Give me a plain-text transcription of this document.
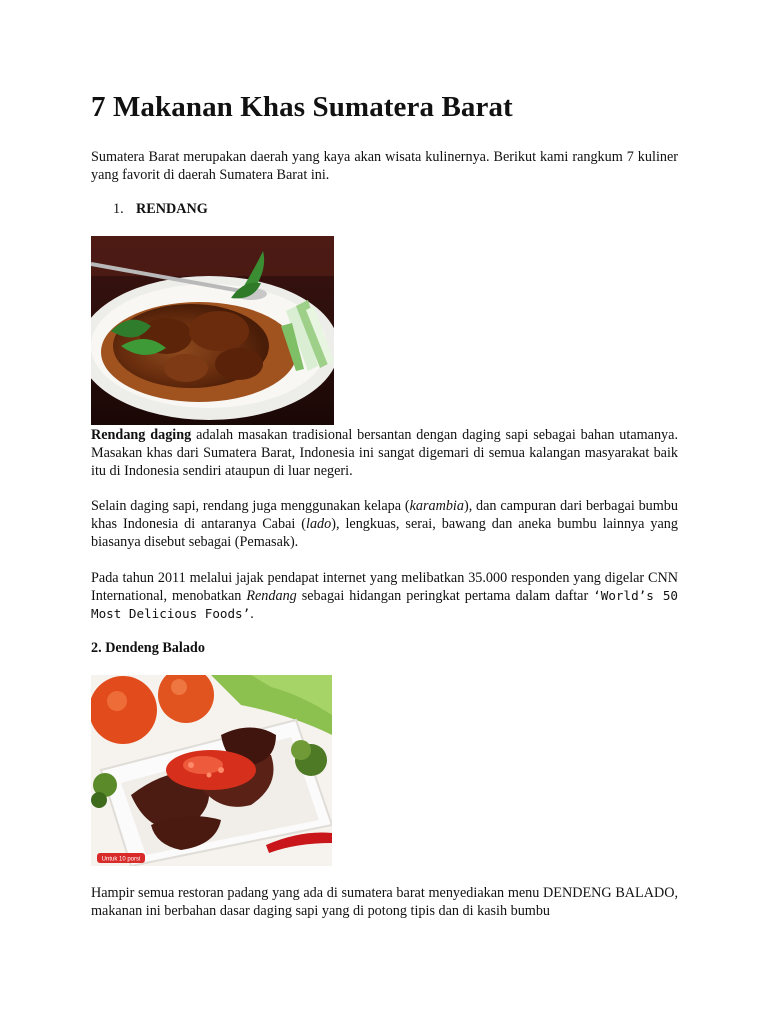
7 Makanan Khas Sumatera Barat

Sumatera Barat merupakan daerah yang kaya akan wisata kulinernya. Berikut kami rangkum 7 kuliner yang favorit di daerah Sumatera Barat ini.

1. RENDANG

Rendang daging adalah masakan tradisional bersantan dengan daging sapi sebagai bahan utamanya. Masakan khas dari Sumatera Barat, Indonesia ini sangat digemari di semua kalangan masyarakat baik itu di Indonesia sendiri ataupun di luar negeri.

Selain daging sapi, rendang juga menggunakan kelapa (karambia), dan campuran dari berbagai bumbu khas Indonesia di antaranya Cabai (lado), lengkuas, serai, bawang dan aneka bumbu lainnya yang biasanya disebut sebagai (Pemasak).

Pada tahun 2011 melalui jajak pendapat internet yang melibatkan 35.000 responden yang digelar CNN International, menobatkan Rendang sebagai hidangan peringkat pertama dalam daftar ‘World’s 50 Most Delicious Foods’.

2. Dendeng Balado
Untuk 10 porsi

Hampir semua restoran padang yang ada di sumatera barat menyediakan menu DENDENG BALADO, makanan ini berbahan dasar daging sapi yang di potong tipis dan di kasih bumbu
